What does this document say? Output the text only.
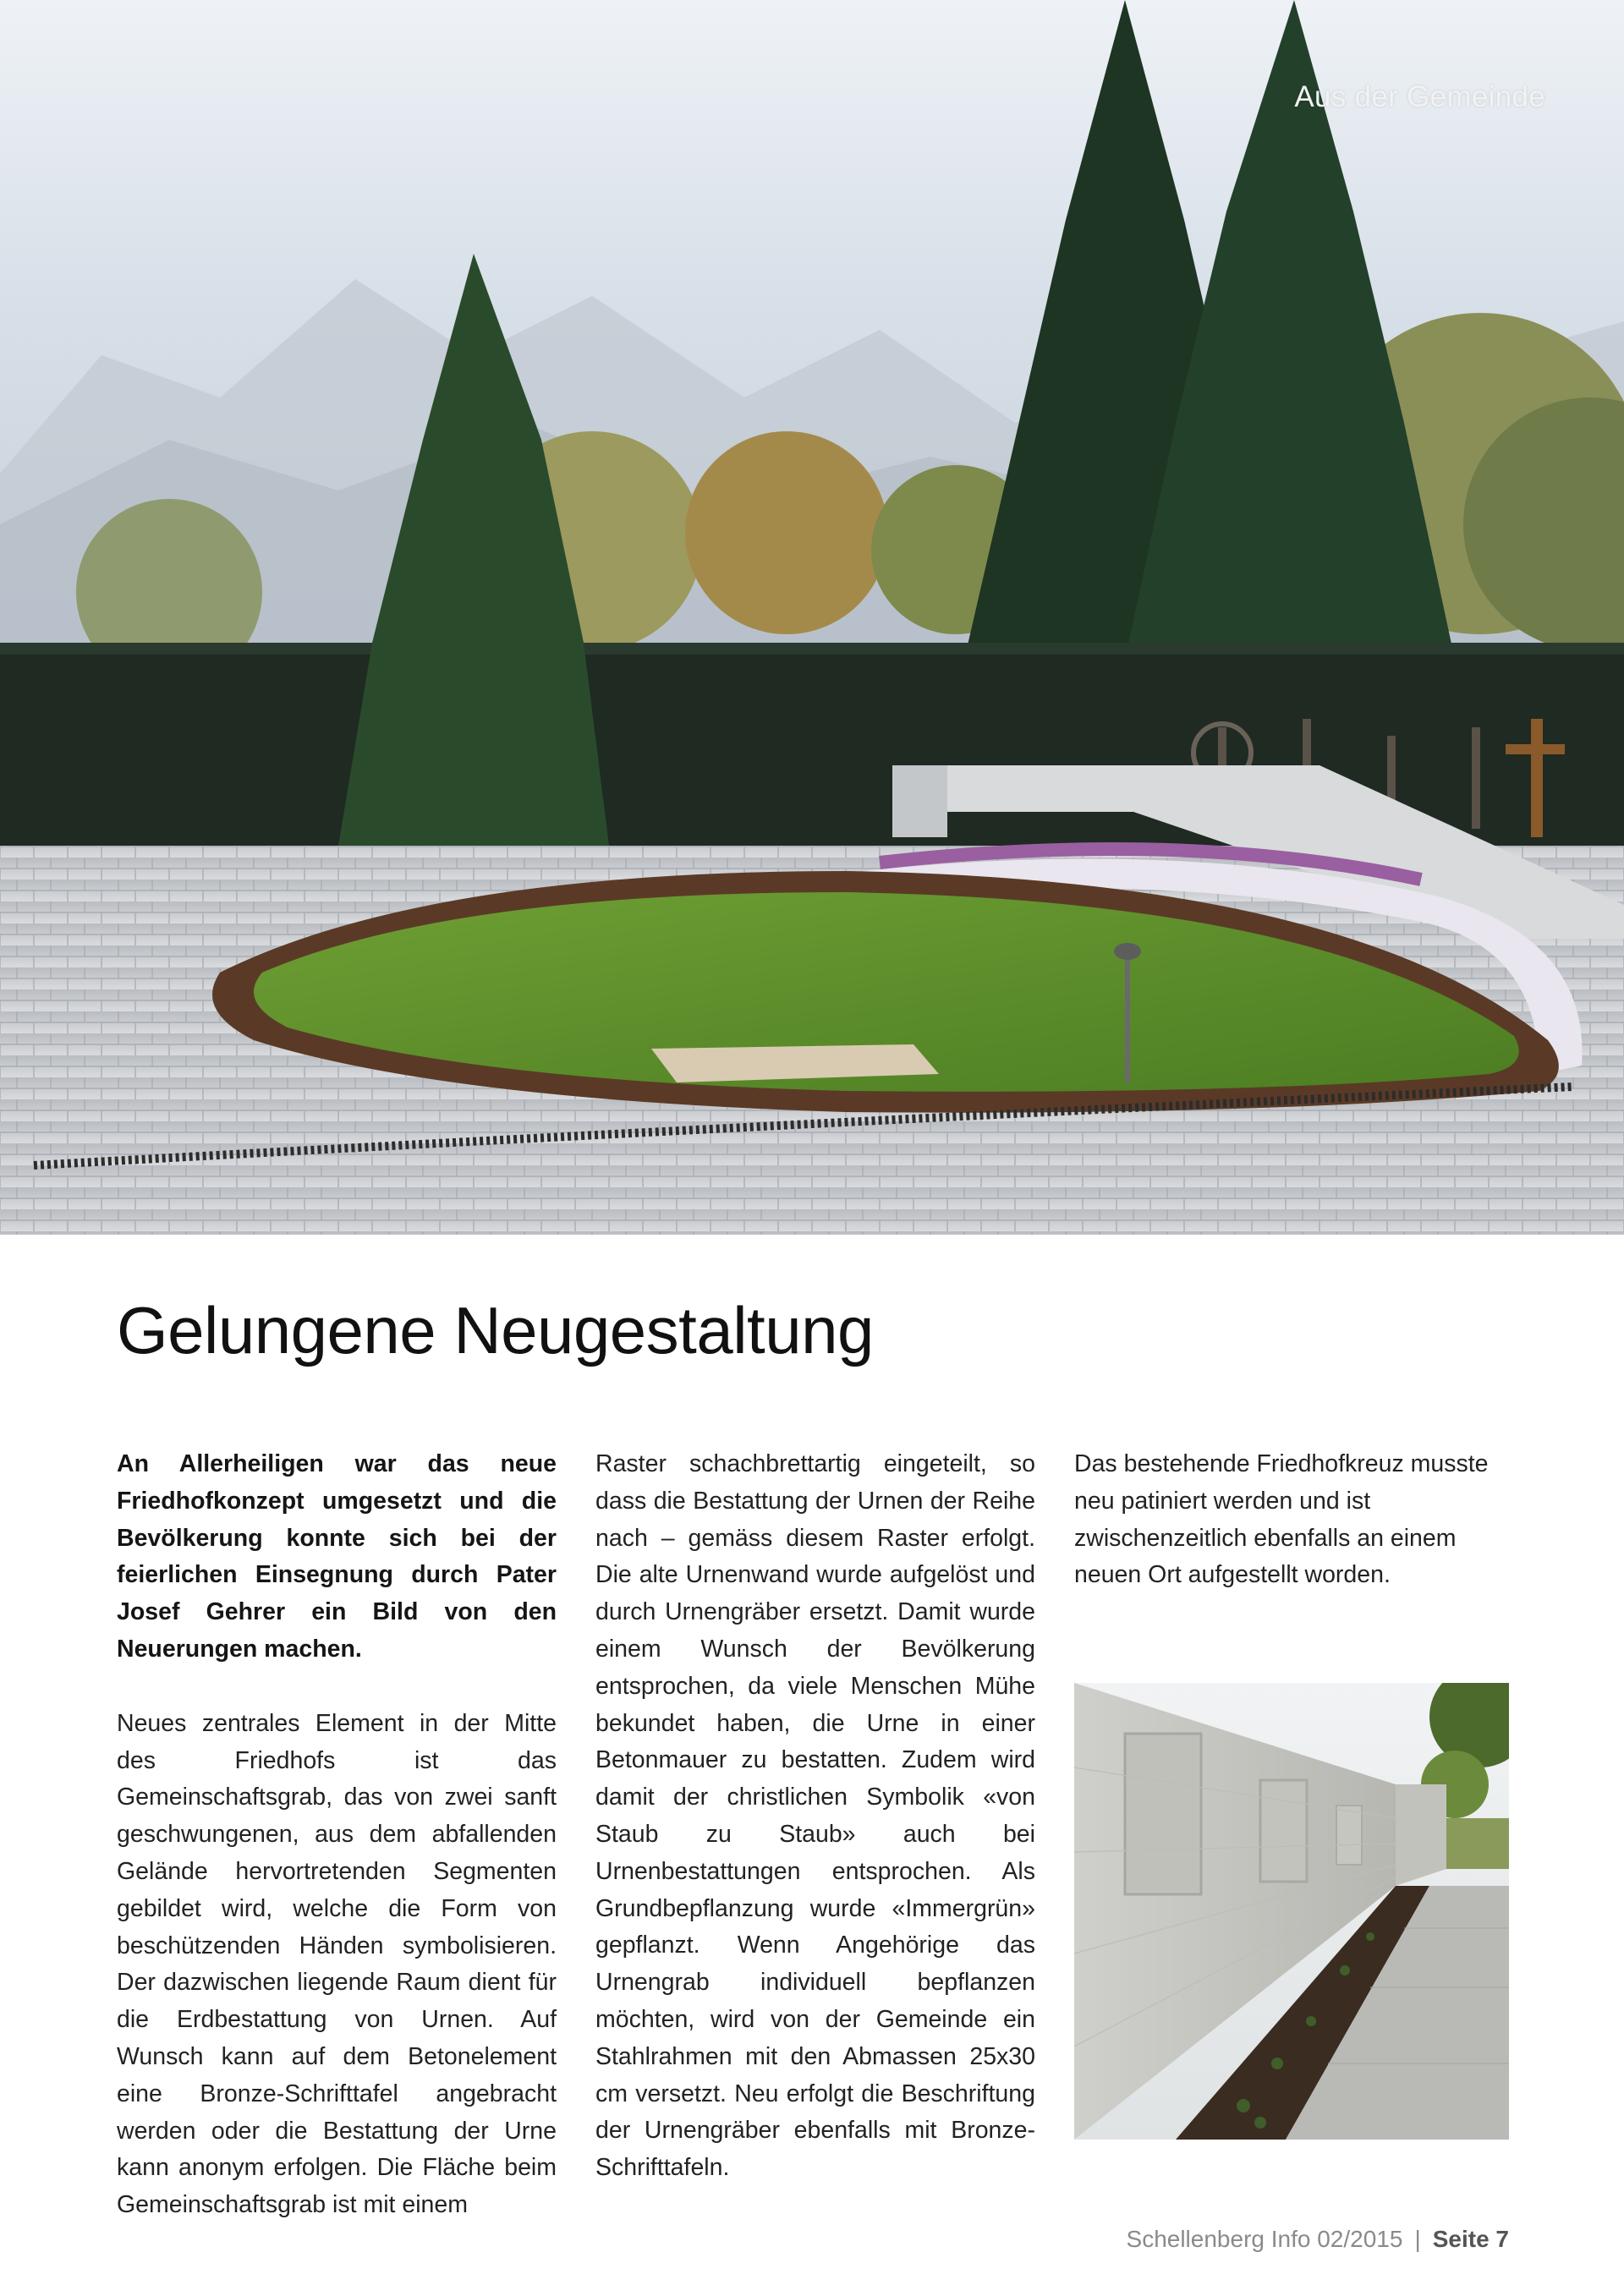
Aus der Gemeinde
Gelungene Neugestaltung

An Allerheiligen war das neue Friedhofkonzept umgesetzt und die Bevölkerung konnte sich bei der feierlichen Einsegnung durch Pater Josef Gehrer ein Bild von den Neuerungen machen.

Neues zentrales Element in der Mitte des Friedhofs ist das Gemeinschaftsgrab, das von zwei sanft geschwungenen, aus dem abfallenden Gelände hervortretenden Segmenten gebildet wird, welche die Form von beschützenden Händen symbolisieren. Der dazwischen liegende Raum dient für die Erdbestattung von Urnen. Auf Wunsch kann auf dem Betonelement eine Bronze-Schrifttafel angebracht werden oder die Bestattung der Urne kann anonym erfolgen. Die Fläche beim Gemeinschaftsgrab ist mit einem

Raster schachbrettartig eingeteilt, so dass die Bestattung der Urnen der Reihe nach – gemäss diesem Raster erfolgt. Die alte Urnenwand wurde aufgelöst und durch Urnengräber ersetzt. Damit wurde einem Wunsch der Bevölkerung entsprochen, da viele Menschen Mühe bekundet haben, die Urne in einer Betonmauer zu bestatten. Zudem wird damit der christlichen Symbolik «von Staub zu Staub» auch bei Urnenbestattungen entsprochen. Als Grundbepflanzung wurde «Immergrün» gepflanzt. Wenn Angehörige das Urnengrab individuell bepflanzen möchten, wird von der Gemeinde ein Stahlrahmen mit den Abmassen 25x30 cm versetzt. Neu erfolgt die Beschriftung der Urnengräber ebenfalls mit Bronze-Schrifttafeln.

Das bestehende Friedhofkreuz musste neu patiniert werden und ist zwischenzeitlich ebenfalls an einem neuen Ort aufgestellt worden.

Schellenberg Info 02/2015 | Seite 7
